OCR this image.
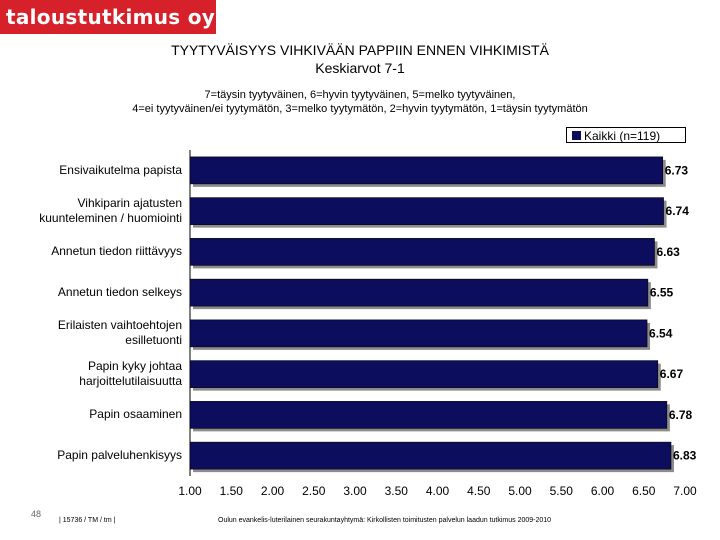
taloustutkimus oy
TYYTYVÄISYYS VIHKIVÄÄN PAPPIIN ENNEN VIHKIMISTÄ
Keskiarvot 7-1
7=täysin tyytyväinen, 6=hyvin tyytyväinen, 5=melko tyytyväinen,
4=ei tyytyväinen/ei tyytymätön, 3=melko tyytymätön, 2=hyvin tyytymätön, 1=täysin tyytymätön
Kaikki (n=119)
Ensivaikutelma papista
Vihkiparin ajatusten
kuunteleminen / huomiointi
Annetun tiedon riittävyys
Annetun tiedon selkeys
Erilaisten vaihtoehtojen
esilletuonti
Papin kyky johtaa
harjoittelutilaisuutta
Papin osaaminen
Papin palveluhenkisyys
6.73
6.74
6.63
6.55
6.54
6.67
6.78
6.83
1.00 1.50 2.00 2.50 3.00 3.50 4.00 4.50 5.00 5.50 6.00 6.50 7.00
48
| 15736 / TM / tm |	Oulun evankelis-luterilainen seurakuntayhtymä: Kirkollisten toimitusten palvelun laadun tutkimus 2009-2010
